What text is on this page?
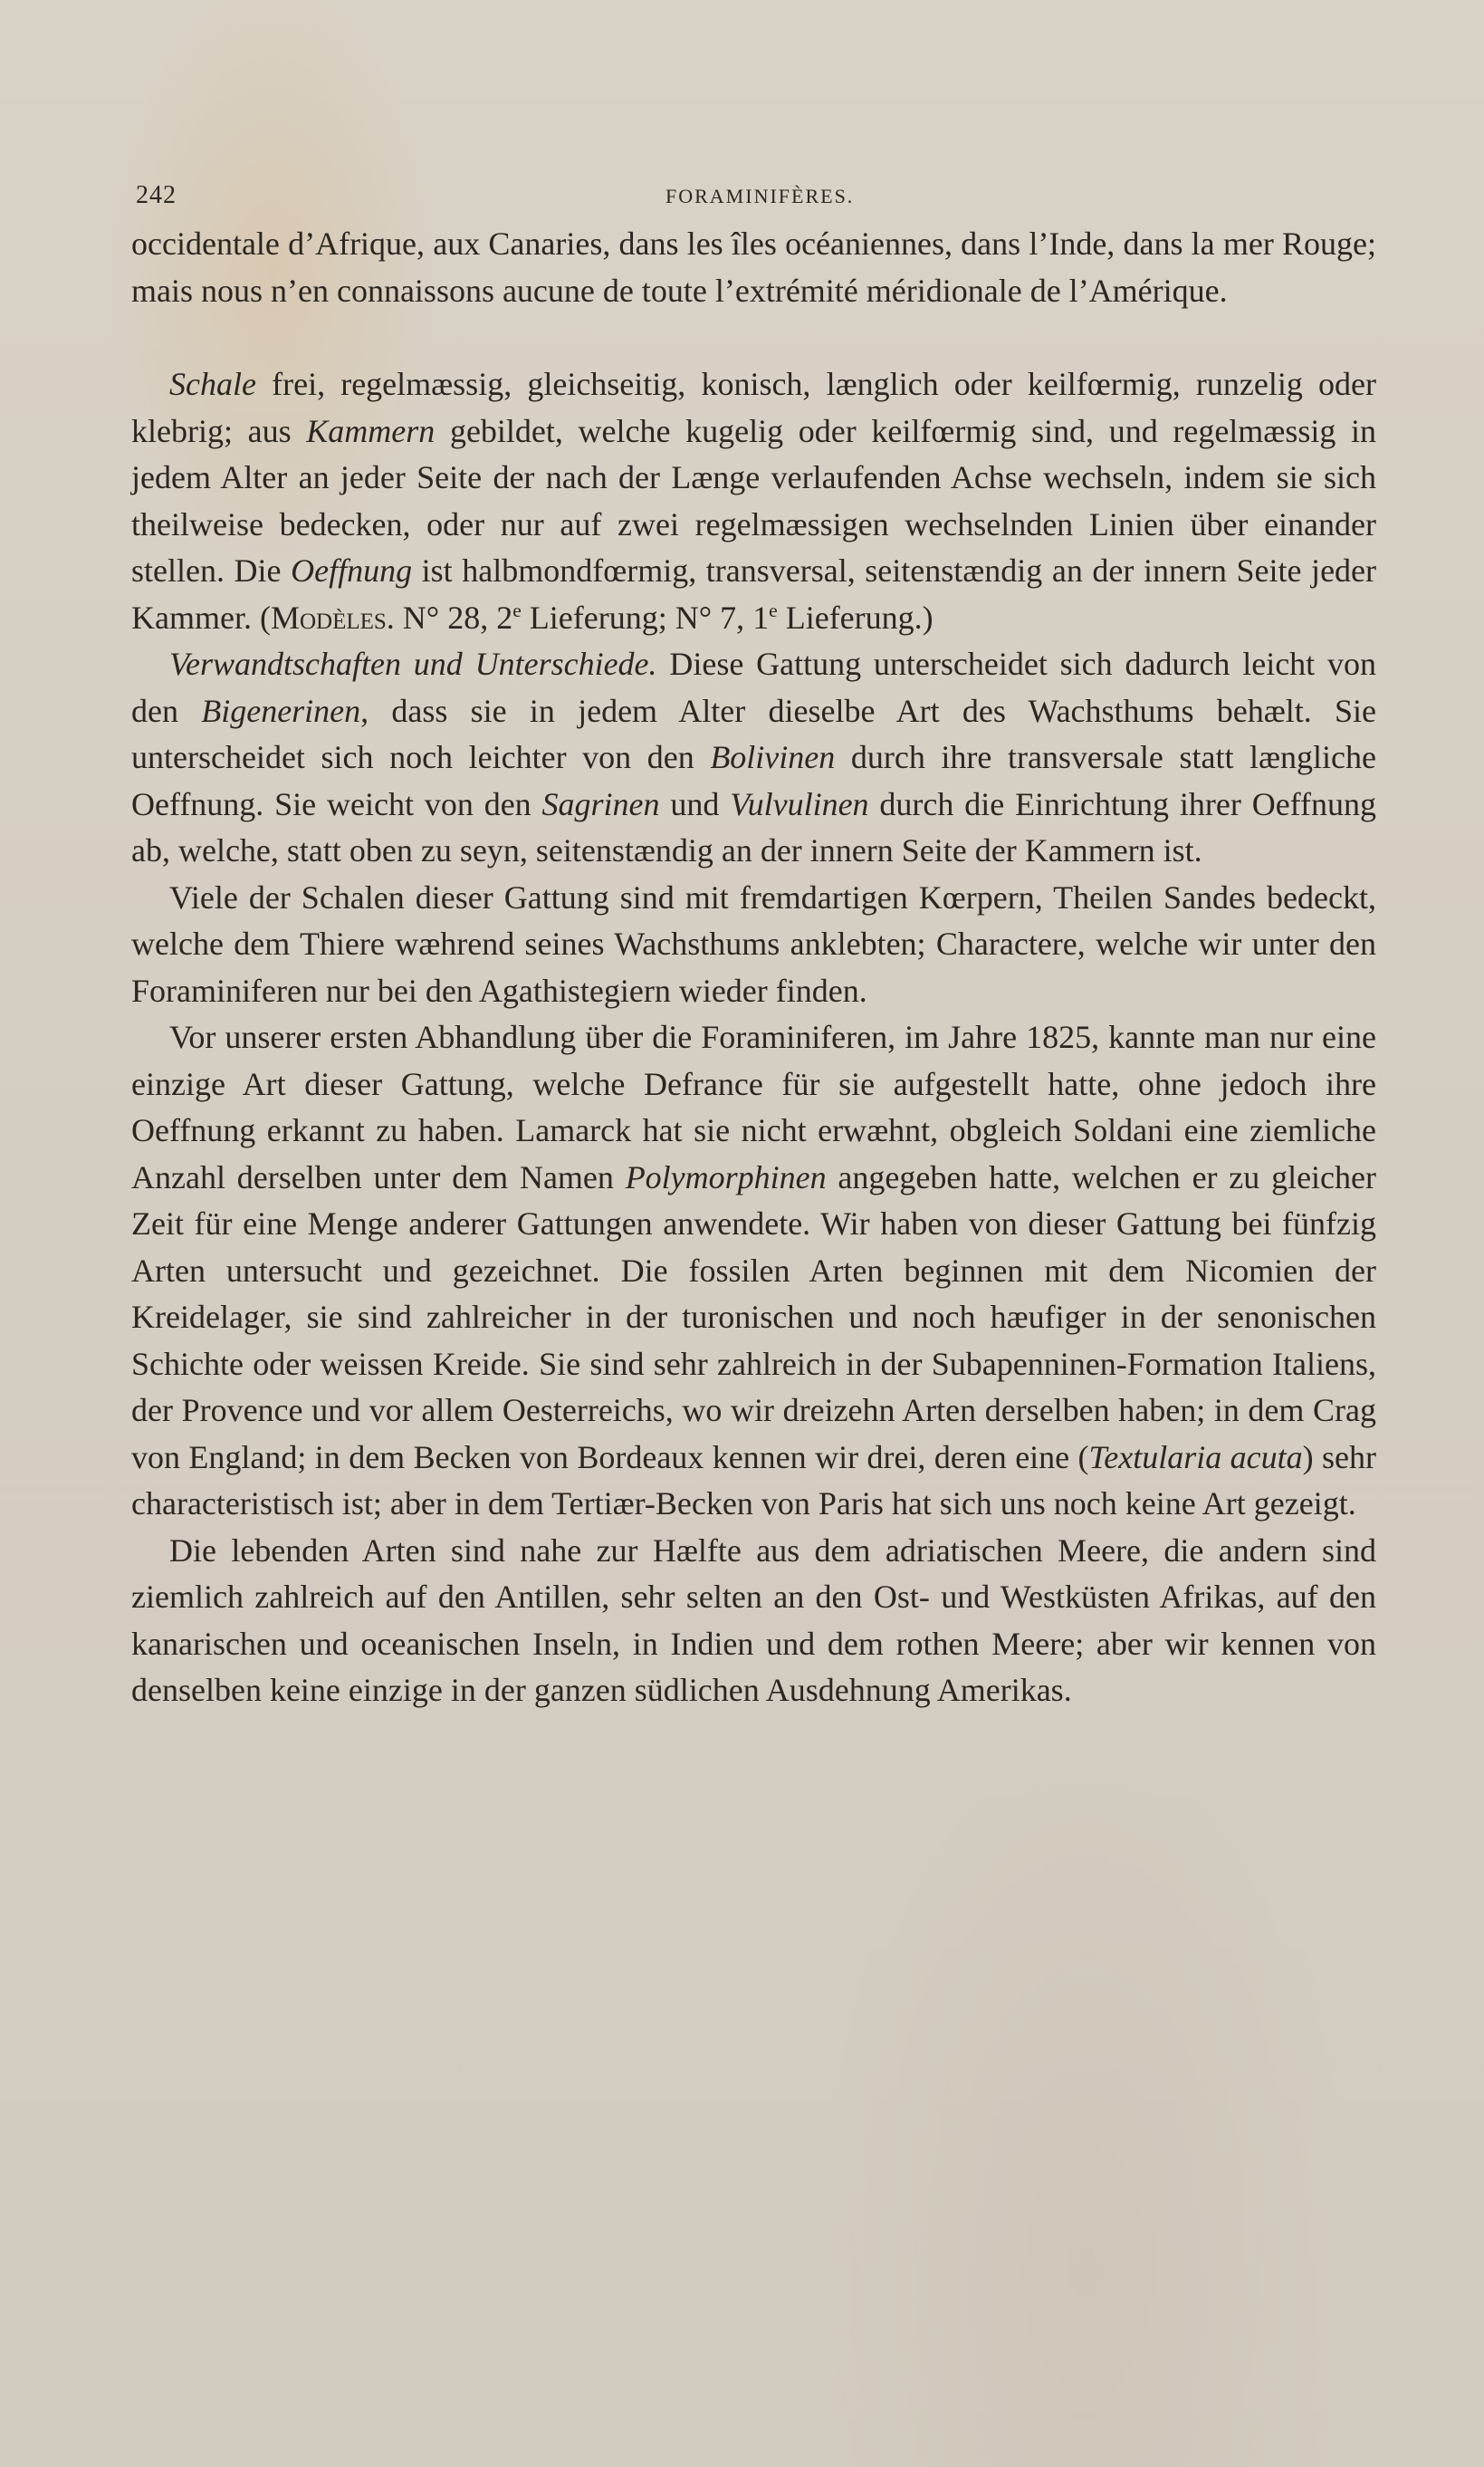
242	FORAMINIFÈRES.

occidentale d’Afrique, aux Canaries, dans les îles océaniennes, dans l’Inde, dans la mer Rouge; mais nous n’en connaissons aucune de toute l’extrémité méridionale de l’Amérique.

Schale frei, regelmæssig, gleichseitig, konisch, længlich oder keilfœrmig, runzelig oder klebrig; aus Kammern gebildet, welche kugelig oder keilfœrmig sind, und regelmæssig in jedem Alter an jeder Seite der nach der Længe verlaufenden Achse wechseln, indem sie sich theilweise bedecken, oder nur auf zwei regelmæssigen wechselnden Linien über einander stellen. Die Oeffnung ist halbmondfœrmig, transversal, seitenstændig an der innern Seite jeder Kammer. (Modèles. N° 28, 2e Lieferung; N° 7, 1e Lieferung.)

Verwandtschaften und Unterschiede. Diese Gattung unterscheidet sich dadurch leicht von den Bigenerinen, dass sie in jedem Alter dieselbe Art des Wachsthums behælt. Sie unterscheidet sich noch leichter von den Bolivinen durch ihre transversale statt længliche Oeffnung. Sie weicht von den Sagrinen und Vulvulinen durch die Einrichtung ihrer Oeffnung ab, welche, statt oben zu seyn, seitenstændig an der innern Seite der Kammern ist.

Viele der Schalen dieser Gattung sind mit fremdartigen Kœrpern, Theilen Sandes bedeckt, welche dem Thiere wæhrend seines Wachsthums anklebten; Charactere, welche wir unter den Foraminiferen nur bei den Agathistegiern wieder finden.

Vor unserer ersten Abhandlung über die Foraminiferen, im Jahre 1825, kannte man nur eine einzige Art dieser Gattung, welche Defrance für sie aufgestellt hatte, ohne jedoch ihre Oeffnung erkannt zu haben. Lamarck hat sie nicht erwæhnt, obgleich Soldani eine ziemliche Anzahl derselben unter dem Namen Polymorphinen angegeben hatte, welchen er zu gleicher Zeit für eine Menge anderer Gattungen anwendete. Wir haben von dieser Gattung bei fünfzig Arten untersucht und gezeichnet. Die fossilen Arten beginnen mit dem Nicomien der Kreidelager, sie sind zahlreicher in der turonischen und noch hæufiger in der senonischen Schichte oder weissen Kreide. Sie sind sehr zahlreich in der Subapenninen-Formation Italiens, der Provence und vor allem Oesterreichs, wo wir dreizehn Arten derselben haben; in dem Crag von England; in dem Becken von Bordeaux kennen wir drei, deren eine (Textularia acuta) sehr characteristisch ist; aber in dem Tertiær-Becken von Paris hat sich uns noch keine Art gezeigt.

Die lebenden Arten sind nahe zur Hælfte aus dem adriatischen Meere, die andern sind ziemlich zahlreich auf den Antillen, sehr selten an den Ost- und Westküsten Afrikas, auf den kanarischen und oceanischen Inseln, in Indien und dem rothen Meere; aber wir kennen von denselben keine einzige in der ganzen südlichen Ausdehnung Amerikas.
